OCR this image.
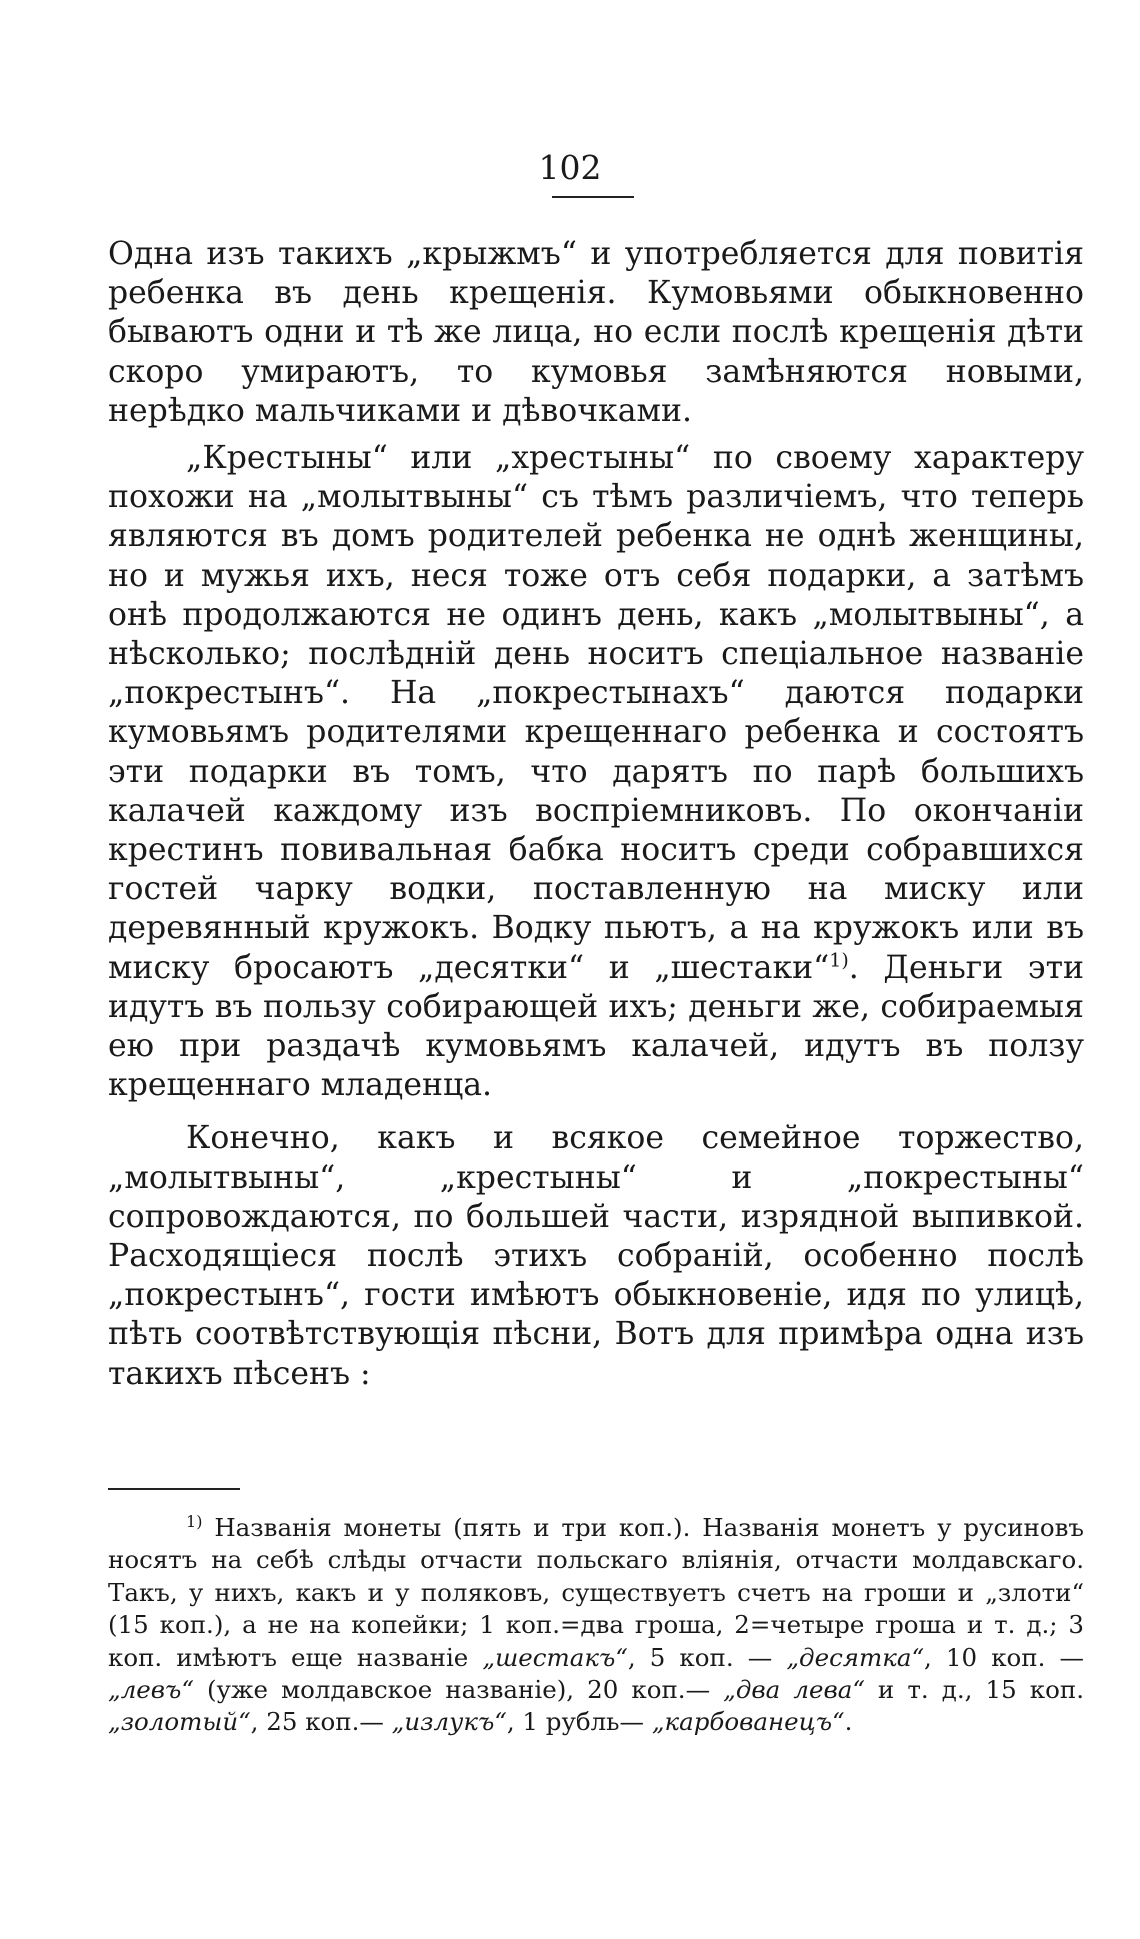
102

Одна изъ такихъ „крыжмъ“ и употребляется для повитія ребенка въ день крещенія. Кумовьями обыкновенно бываютъ одни и тѣ же лица, но если послѣ крещенія дѣти скоро умираютъ, то кумовья замѣняются новыми, нерѣдко мальчиками и дѣвочками.

„Крестыны“ или „хрестыны“ по своему характеру похожи на „молытвыны“ съ тѣмъ различіемъ, что теперь являются въ домъ родителей ребенка не однѣ женщины, но и мужья ихъ, неся тоже отъ себя подарки, а затѣмъ онѣ продолжаются не одинъ день, какъ „молытвыны“, а нѣсколько; послѣдній день носитъ спеціальное названіе „покрестынъ“. На „покрестынахъ“ даются подарки кумовьямъ родителями крещеннаго ребенка и состоятъ эти подарки въ томъ, что дарятъ по парѣ большихъ калачей каждому изъ воспріемниковъ. По окончаніи крестинъ повивальная бабка носитъ среди собравшихся гостей чарку водки, поставленную на миску или деревянный кружокъ. Водку пьютъ, а на кружокъ или въ миску бросаютъ „десятки“ и „шестаки“$^{1)}$. Деньги эти идутъ въ пользу собирающей ихъ; деньги же, собираемыя ею при раздачѣ кумовьямъ калачей, идутъ въ ползу крещеннаго младенца.

Конечно, какъ и всякое семейное торжество, „молытвыны“, „крестыны“ и „покрестыны“ сопровождаются, по большей части, изрядной выпивкой. Расходящіеся послѣ этихъ собраній, особенно послѣ „покрестынъ“, гости имѣютъ обыкновеніе, идя по улицѣ, пѣть соотвѣтствующія пѣсни, Вотъ для примѣра одна изъ такихъ пѣсенъ :

$^{1)}$ Названія монеты (пять и три коп.). Названія монетъ у русиновъ носятъ на себѣ слѣды отчасти польскаго вліянія, отчасти молдавскаго. Такъ, у нихъ, какъ и у поляковъ, существуетъ счетъ на гроши и „злоти“ (15 коп.), а не на копейки; 1 коп.=два гроша, 2=четыре гроша и т. д.; 3 коп. имѣютъ еще названіе „шестакъ“, 5 коп. — „десятка“, 10 коп. — „левъ“ (уже молдавское названіе), 20 коп.— „два лева“ и т. д., 15 коп. „золотый“, 25 коп.— „излукъ“, 1 рубль— „карбованецъ“.
